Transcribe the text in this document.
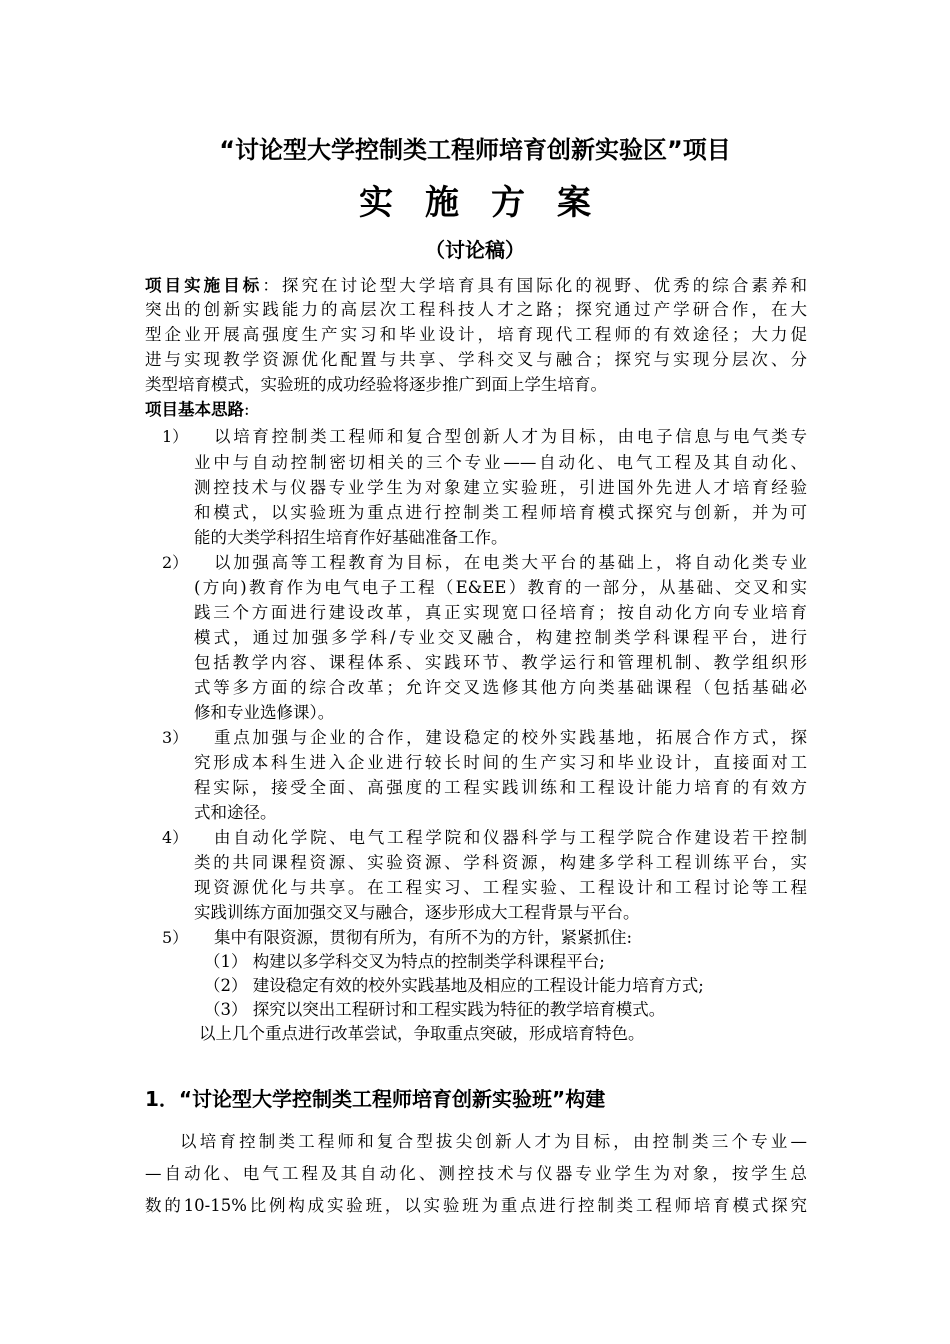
“讨论型大学控制类工程师培育创新实验区”项目
实施方案
（讨论稿）
项目实施目标：探究在讨论型大学培育具有国际化的视野、优秀的综合素养和
突出的创新实践能力的高层次工程科技人才之路；探究通过产学研合作，在大
型企业开展高强度生产实习和毕业设计，培育现代工程师的有效途径；大力促
进与实现教学资源优化配置与共享、学科交叉与融合；探究与实现分层次、分
类型培育模式，实验班的成功经验将逐步推广到面上学生培育。
项目基本思路:
1） 以培育控制类工程师和复合型创新人才为目标，由电子信息与电气类专
业中与自动控制密切相关的三个专业——自动化、电气工程及其自动化、
测控技术与仪器专业学生为对象建立实验班，引进国外先进人才培育经验
和模式，以实验班为重点进行控制类工程师培育模式探究与创新，并为可
能的大类学科招生培育作好基础准备工作。
2） 以加强高等工程教育为目标，在电类大平台的基础上，将自动化类专业
(方向)教育作为电气电子工程（E&EE）教育的一部分，从基础、交叉和实
践三个方面进行建设改革，真正实现宽口径培育；按自动化方向专业培育
模式，通过加强多学科/专业交叉融合，构建控制类学科课程平台，进行
包括教学内容、课程体系、实践环节、教学运行和管理机制、教学组织形
式等多方面的综合改革；允许交叉选修其他方向类基础课程（包括基础必
修和专业选修课）。
3） 重点加强与企业的合作，建设稳定的校外实践基地，拓展合作方式，探
究形成本科生进入企业进行较长时间的生产实习和毕业设计，直接面对工
程实际，接受全面、高强度的工程实践训练和工程设计能力培育的有效方
式和途径。
4） 由自动化学院、电气工程学院和仪器科学与工程学院合作建设若干控制
类的共同课程资源、实验资源、学科资源，构建多学科工程训练平台，实
现资源优化与共享。在工程实习、工程实验、工程设计和工程讨论等工程
实践训练方面加强交叉与融合，逐步形成大工程背景与平台。
5） 集中有限资源，贯彻有所为，有所不为的方针，紧紧抓住:
（1） 构建以多学科交叉为特点的控制类学科课程平台;
（2） 建设稳定有效的校外实践基地及相应的工程设计能力培育方式;
（3） 探究以突出工程研讨和工程实践为特征的教学培育模式。
以上几个重点进行改革尝试，争取重点突破，形成培育特色。
1．“讨论型大学控制类工程师培育创新实验班”构建
以培育控制类工程师和复合型拔尖创新人才为目标，由控制类三个专业—
—自动化、电气工程及其自动化、测控技术与仪器专业学生为对象，按学生总
数的10-15%比例构成实验班，以实验班为重点进行控制类工程师培育模式探究
